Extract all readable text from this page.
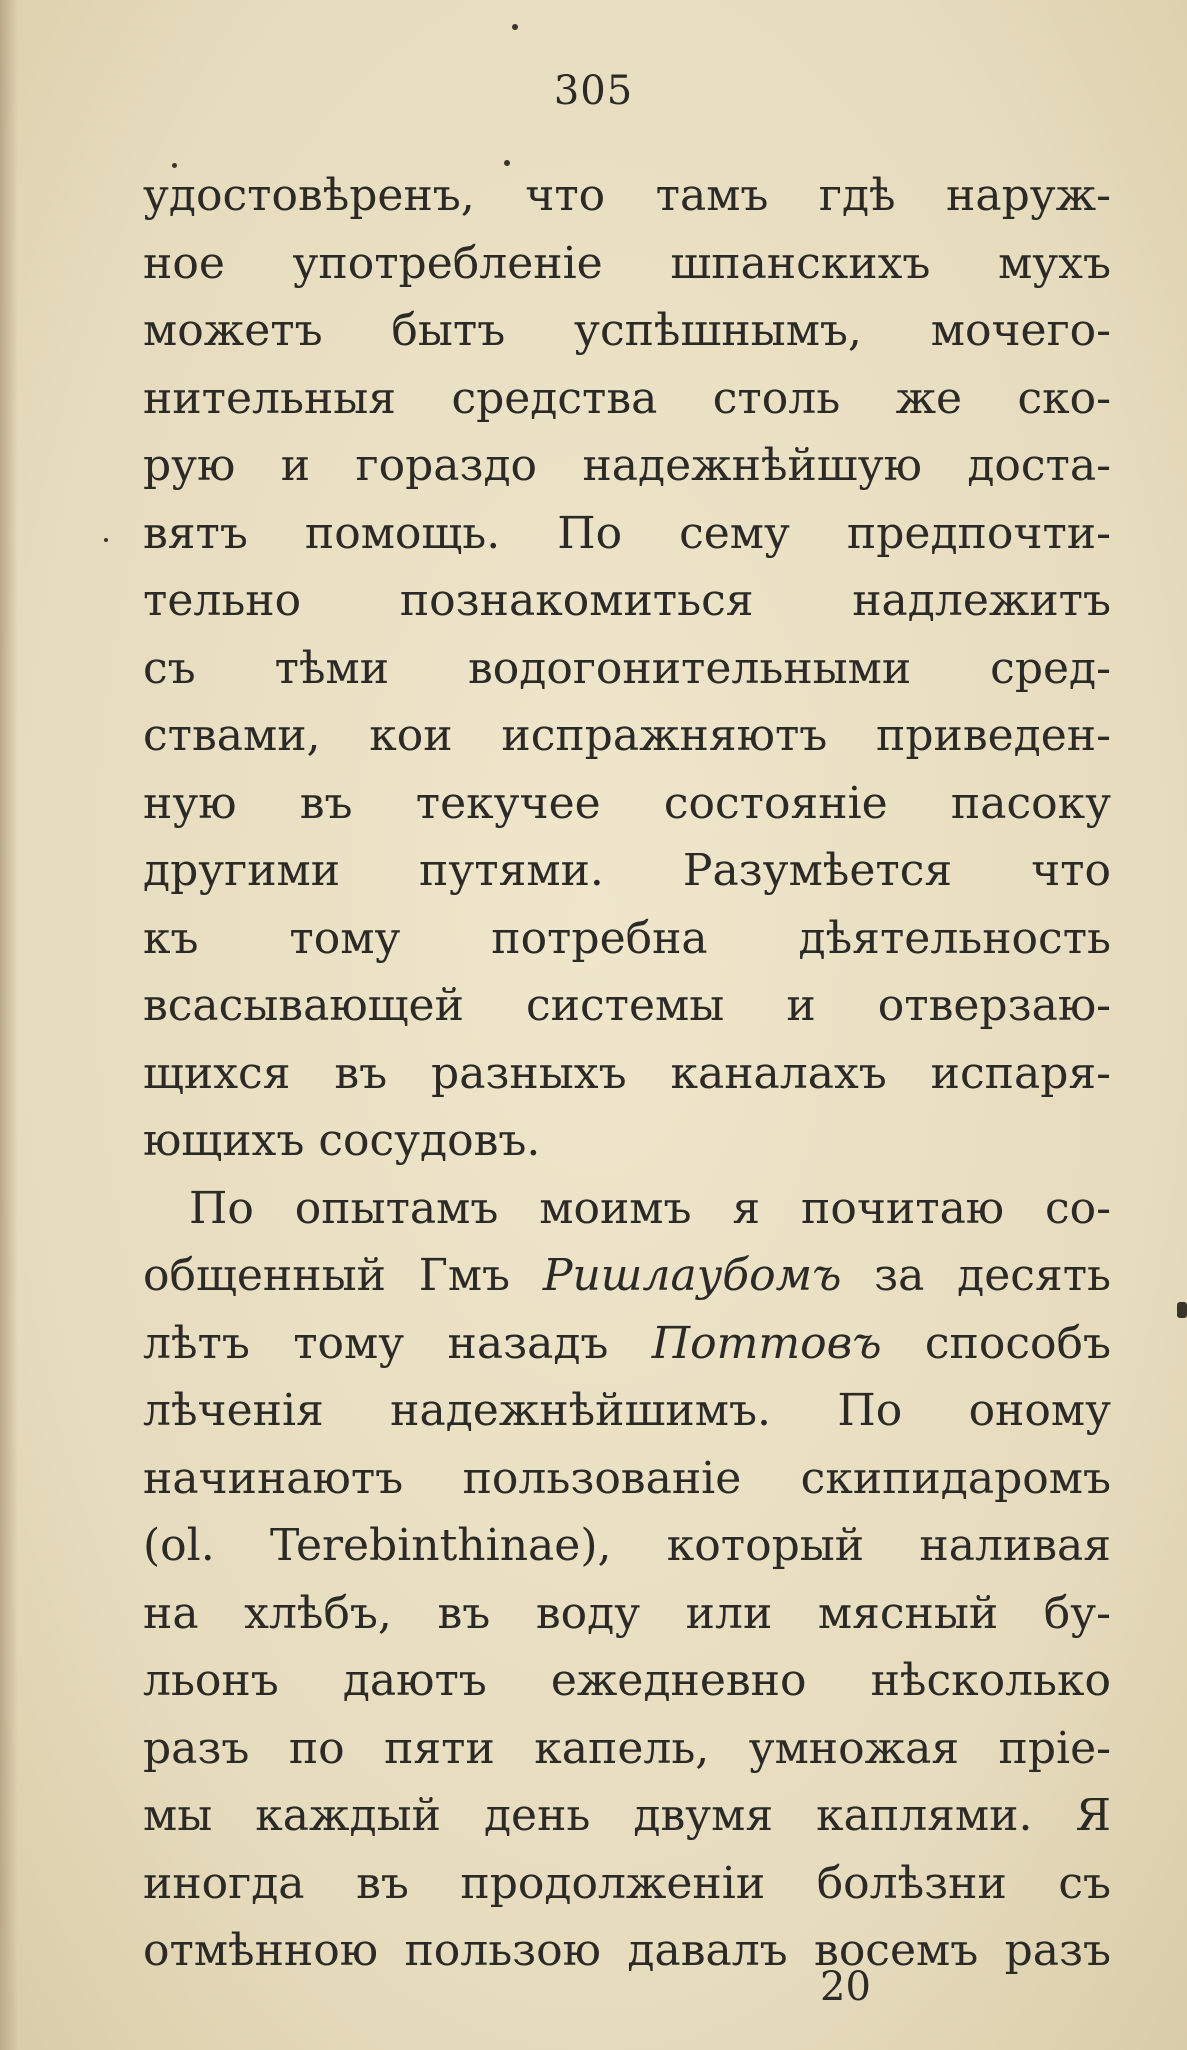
305
удостовѣренъ, что тамъ гдѣ наруж-
ное употребленіе шпанскихъ мухъ
можетъ бытъ успѣшнымъ, мочего-
нительныя средства столь же ско-
рую и гораздо надежнѣйшую доста-
вятъ помощь. По сему предпочти-
тельно познакомиться надлежитъ
съ тѣми водогонительными сред-
ствами, кои испражняютъ приведен-
ную въ текучее состояніе пасоку
другими путями. Разумѣется что
къ тому потребна дѣятельность
всасывающей системы и отверзаю-
щихся въ разныхъ каналахъ испаря-
ющихъ сосудовъ.
По опытамъ моимъ я почитаю со-
общенный Гмъ Ришлаубомъ за десять
лѣтъ тому назадъ Поттовъ способъ
лѣченія надежнѣйшимъ. По оному
начинаютъ пользованіе скипидаромъ
(ol. Terebinthinae), который наливая
на хлѣбъ, въ воду или мясный бу-
льонъ даютъ ежедневно нѣсколько
разъ по пяти капель, умножая прiе-
мы каждый день двумя каплями. Я
иногда въ продолженіи болѣзни съ
отмѣнною пользою давалъ восемъ разъ
20
